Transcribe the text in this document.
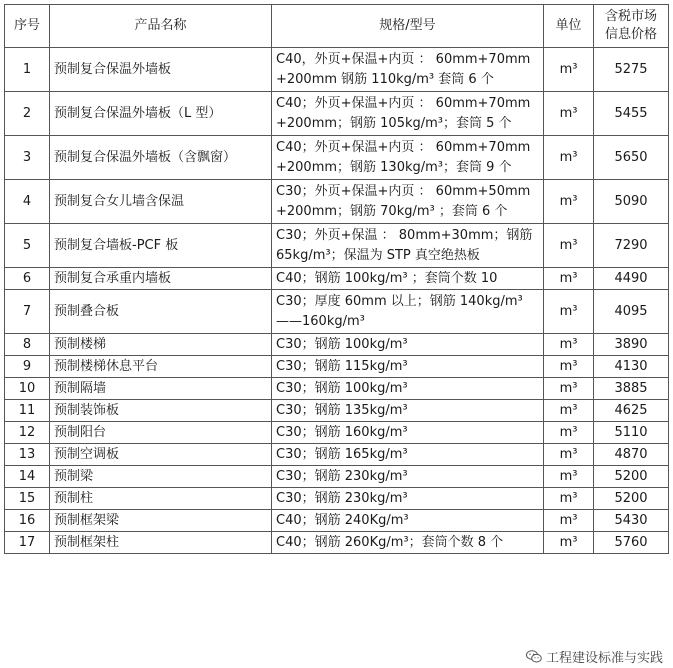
序号	产品名称	规格/型号	单位	含税市场
信息价格
1	预制复合保温外墙板	C40，外页+保温+内页 ： 60mm+70mm
+200mm 钢筋 110kg/m³ 套筒 6 个	m³	5275
2	预制复合保温外墙板（L 型）	C40；外页+保温+内页 ： 60mm+70mm
+200mm；钢筋 105kg/m³；套筒 5 个	m³	5455
3	预制复合保温外墙板（含飘窗）	C40；外页+保温+内页 ： 60mm+70mm
+200mm；钢筋 130kg/m³；套筒 9 个	m³	5650
4	预制复合女儿墙含保温	C30；外页+保温+内页 ： 60mm+50mm
+200mm；钢筋 70kg/m³ ；套筒 6 个	m³	5090
5	预制复合墙板-PCF 板	C30；外页+保温 ： 80mm+30mm；钢筋
65kg/m³；保温为 STP 真空绝热板	m³	7290
6	预制复合承重内墙板	C40；钢筋 100kg/m³ ；套筒个数 10	m³	4490
7	预制叠合板	C30；厚度 60mm 以上；钢筋 140kg/m³
——160kg/m³	m³	4095
8	预制楼梯	C30；钢筋 100kg/m³	m³	3890
9	预制楼梯休息平台	C30；钢筋 115kg/m³	m³	4130
10	预制隔墙	C30；钢筋 100kg/m³	m³	3885
11	预制装饰板	C30；钢筋 135kg/m³	m³	4625
12	预制阳台	C30；钢筋 160kg/m³	m³	5110
13	预制空调板	C30；钢筋 165kg/m³	m³	4870
14	预制梁	C30；钢筋 230kg/m³	m³	5200
15	预制柱	C30；钢筋 230kg/m³	m³	5200
16	预制框架梁	C40；钢筋 240Kg/m³	m³	5430
17	预制框架柱	C40；钢筋 260Kg/m³；套筒个数 8 个	m³	5760
工程建设标准与实践
